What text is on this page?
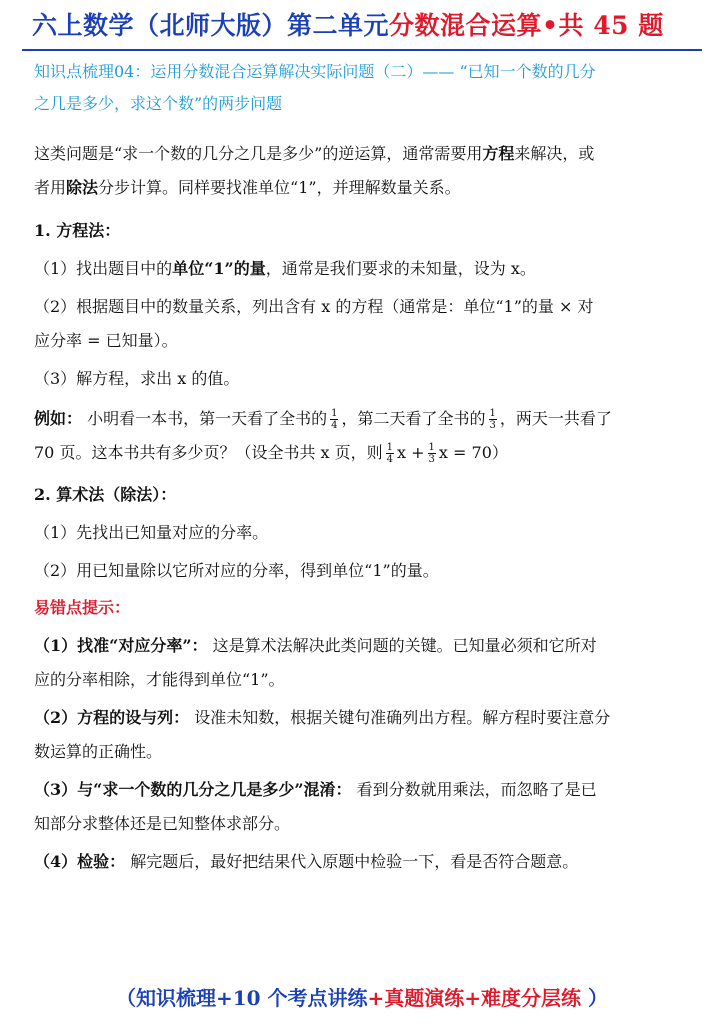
六上数学（北师大版）第二单元分数混合运算•共 45 题
知识点梳理04：运用分数混合运算解决实际问题（二）—— “已知一个数的几分
之几是多少，求这个数”的两步问题
这类问题是“求一个数的几分之几是多少”的逆运算，通常需要用方程来解决，或
者用除法分步计算。同样要找准单位“1”，并理解数量关系。
1. 方程法：
（1）找出题目中的单位“1”的量，通常是我们要求的未知量，设为 x。
（2）根据题目中的数量关系，列出含有 x 的方程（通常是：单位“1”的量 × 对
应分率 = 已知量）。
（3）解方程，求出 x 的值。
例如： 小明看一本书，第一天看了全书的 $\frac{1}{4}$ ，第二天看了全书的 $\frac{1}{3}$ ，两天一共看了
70 页。这本书共有多少页？（设全书共 x 页，则 $\frac{1}{4}$ $x + \frac{1}{3}$ x = 70）
2. 算术法（除法）：
（1）先找出已知量对应的分率。
（2）用已知量除以它所对应的分率，得到单位“1”的量。
易错点提示：
（1）找准“对应分率”： 这是算术法解决此类问题的关键。已知量必须和它所对
应的分率相除，才能得到单位“1”。
（2）方程的设与列： 设准未知数，根据关键句准确列出方程。解方程时要注意分
数运算的正确性。
（3）与“求一个数的几分之几是多少”混淆： 看到分数就用乘法，而忽略了是已
知部分求整体还是已知整体求部分。
（4）检验： 解完题后，最好把结果代入原题中检验一下，看是否符合题意。
（知识梳理+10 个考点讲练+真题演练+难度分层练 ）
